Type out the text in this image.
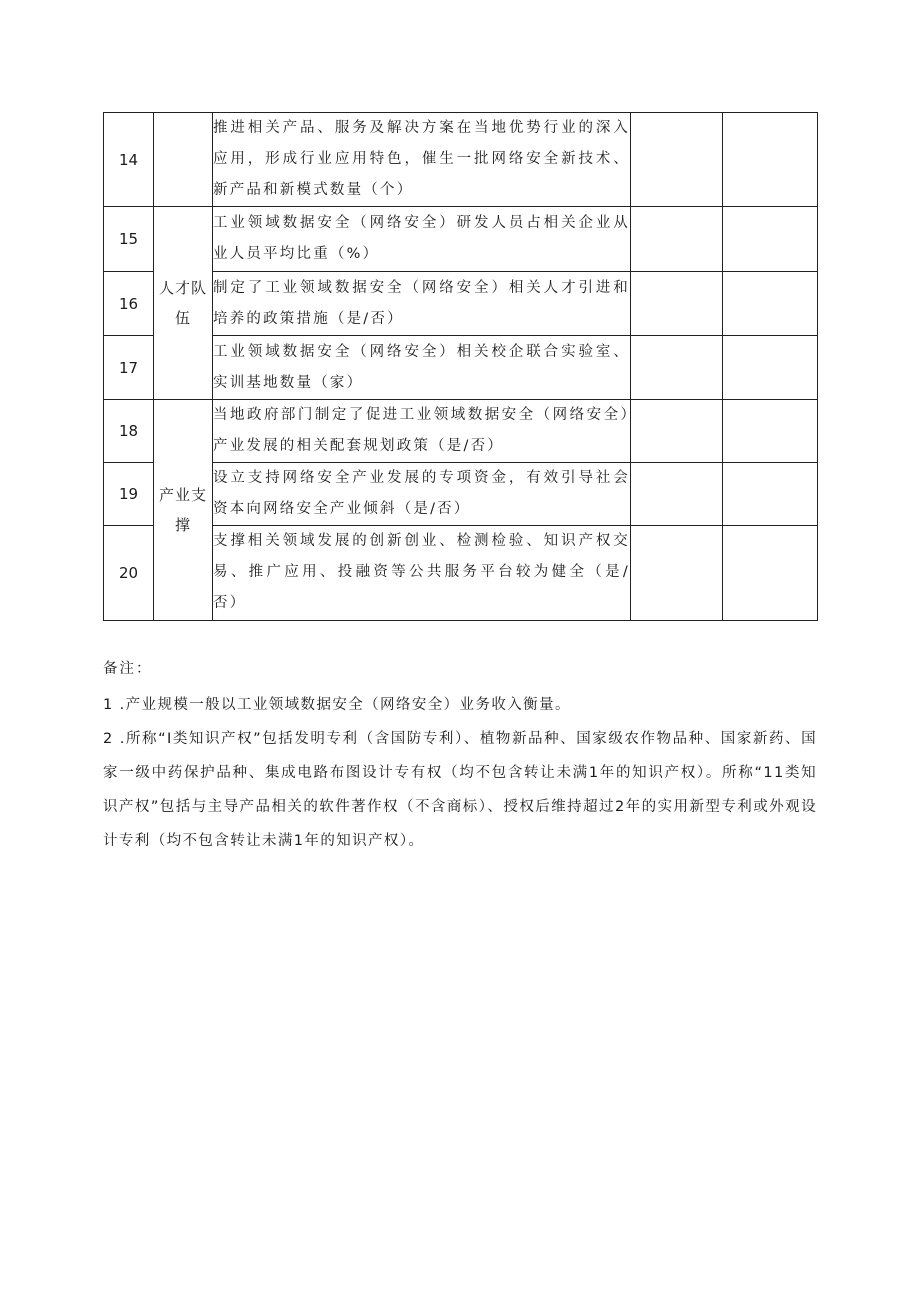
14		推进相关产品、服务及解决方案在当地优势行业的深入应用，形成行业应用特色，催生一批网络安全新技术、新产品和新模式数量（个）		
15	人才队伍	工业领域数据安全（网络安全）研发人员占相关企业从业人员平均比重（%）		
16		制定了工业领域数据安全（网络安全）相关人才引进和培养的政策措施（是/否）		
17		工业领域数据安全（网络安全）相关校企联合实验室、实训基地数量（家）		
18	产业支撑	当地政府部门制定了促进工业领域数据安全（网络安全）产业发展的相关配套规划政策（是/否）		
19		设立支持网络安全产业发展的专项资金，有效引导社会资本向网络安全产业倾斜（是/否）		
20		支撑相关领域发展的创新创业、检测检验、知识产权交易、推广应用、投融资等公共服务平台较为健全（是/否）		

备注：

1 .产业规模一般以工业领域数据安全（网络安全）业务收入衡量。

2 .所称“I类知识产权”包括发明专利（含国防专利）、植物新品种、国家级农作物品种、国家新药、国家一级中药保护品种、集成电路布图设计专有权（均不包含转让未满1年的知识产权）。所称“11类知识产权”包括与主导产品相关的软件著作权（不含商标）、授权后维持超过2年的实用新型专利或外观设计专利（均不包含转让未满1年的知识产权）。
